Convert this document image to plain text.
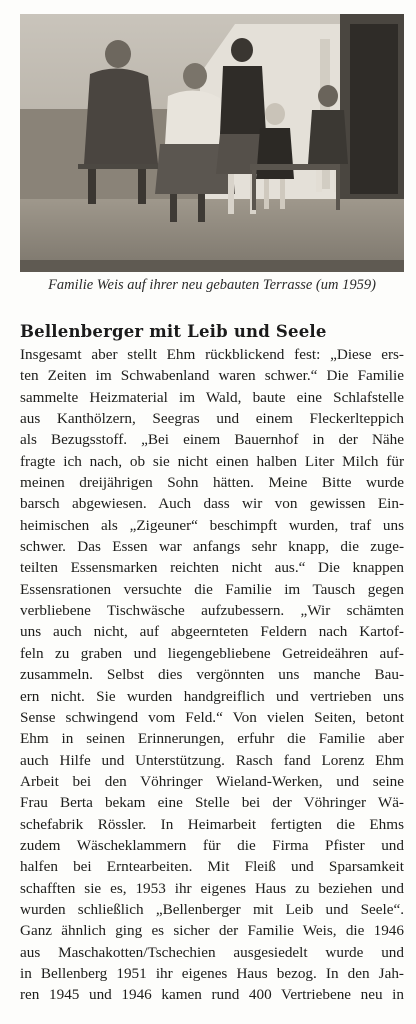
Familie Weis auf ihrer neu gebauten Terrasse (um 1959)
Bellenberger mit Leib und Seele
Insgesamt aber stellt Ehm rückblickend fest: „Diese ers-
ten Zeiten im Schwabenland waren schwer.“ Die Familie
sammelte Heizmaterial im Wald, baute eine Schlafstelle
aus Kanthölzern, Seegras und einem Fleckerlteppich
als Bezugsstoff. „Bei einem Bauernhof in der Nähe
fragte ich nach, ob sie nicht einen halben Liter Milch für
meinen dreijährigen Sohn hätten. Meine Bitte wurde
barsch abgewiesen. Auch dass wir von gewissen Ein-
heimischen als „Zigeuner“ beschimpft wurden, traf uns
schwer. Das Essen war anfangs sehr knapp, die zuge-
teilten Essensmarken reichten nicht aus.“ Die knappen
Essensrationen versuchte die Familie im Tausch gegen
verbliebene Tischwäsche aufzubessern. „Wir schämten
uns auch nicht, auf abgeernteten Feldern nach Kartof-
feln zu graben und liegengebliebene Getreideähren auf-
zusammeln. Selbst dies vergönnten uns manche Bau-
ern nicht. Sie wurden handgreiflich und vertrieben uns
Sense schwingend vom Feld.“ Von vielen Seiten, betont
Ehm in seinen Erinnerungen, erfuhr die Familie aber
auch Hilfe und Unterstützung. Rasch fand Lorenz Ehm
Arbeit bei den Vöhringer Wieland-Werken, und seine
Frau Berta bekam eine Stelle bei der Vöhringer Wä-
schefabrik Rössler. In Heimarbeit fertigten die Ehms
zudem Wäscheklammern für die Firma Pfister und
halfen bei Erntearbeiten. Mit Fleiß und Sparsamkeit
schafften sie es, 1953 ihr eigenes Haus zu beziehen und
wurden schließlich „Bellenberger mit Leib und Seele“.
Ganz ähnlich ging es sicher der Familie Weis, die 1946
aus Maschakotten/Tschechien ausgesiedelt wurde und
in Bellenberg 1951 ihr eigenes Haus bezog. In den Jah-
ren 1945 und 1946 kamen rund 400 Vertriebene neu in
